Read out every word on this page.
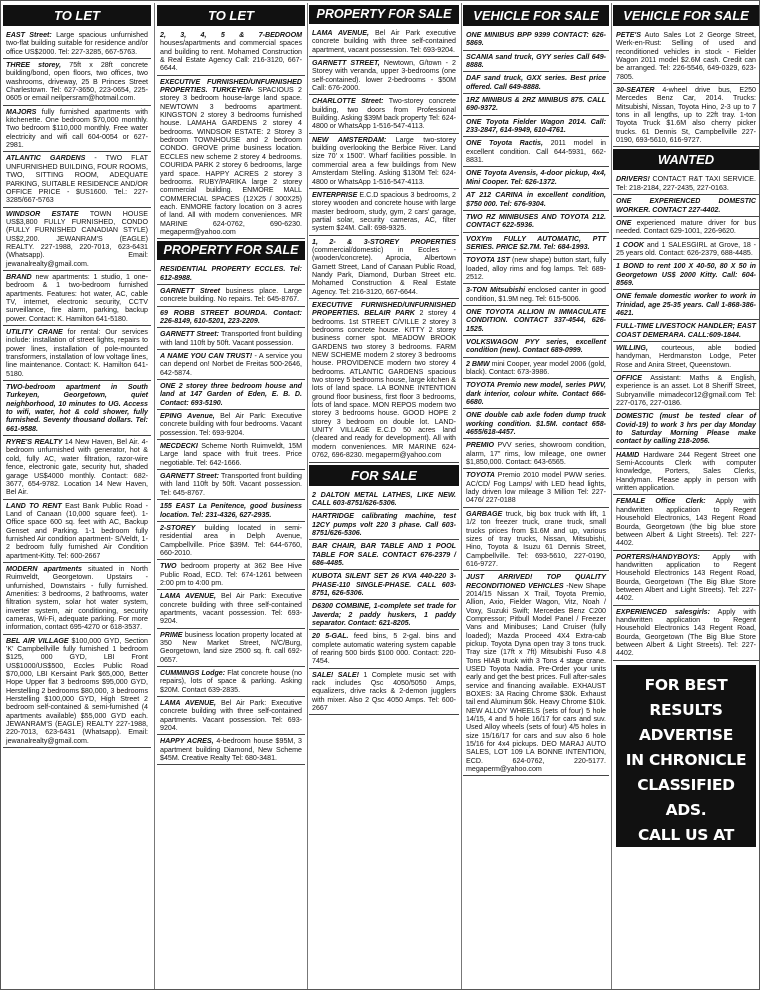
TO LET
EAST Street: Large spacious unfurnished two-flat building suitable for residence and/or office US$2000. Tel: 227-3285, 667-5763.
THREE storey, 75ft x 28ft concrete building/bond, open floors, two offices, two washrooms, driveway, 25 B Princes Street Charlestown. Tel: 627-3650, 223-0654, 225-0605 or email neilpersram@hotmail.com.
MAJORS fully furnished apartments with kitchenette. One bedroom $70,000 monthly. Two bedroom $110,000 monthly. Free water electricity and wifi call 604-0054 or 627-2981.
ATLANTIC GARDENS - TWO FLAT UNFURNISHED BUILDING, FOUR ROOMS, TWO, SITTING ROOM, ADEQUATE PARKING, SUITABLE RESIDENCE AND/OR OFFICE PRICE - $US1600. Tel.: 227-3285/667-5763
WINDSOR ESTATE TOWN HOUSE US$3,800 FULLY FURNISHED, CONDO (FULLY FURNISHED CANADIAN STYLE) US$2,200. JEWANRAM'S (EAGLE) REALTY. 227-1988, 220-7013, 623-6431 (Whatsapp). Email: jewanalrealty@gmail.com.
BRAND new apartments: 1 studio, 1 one-bedroom & 1 two-bedroom furnished apartments. Features: hot water, AC, cable TV, internet, electronic security, CCTV surveillance, fire alarm, parking, backup power. Contact: K. Hamilton 641-5180.
UTILITY CRANE for rental: Our services include: installation of street lights, repairs to power lines, installation of pole-mounted transformers, installation of low voltage lines, line maintenance. Contact: K. Hamilton 641-5180.
TWO-bedroom apartment in South Turkeyen, Georgetown, quiet neighborhood, 10 minutes to UG. Access to wifi, water, hot & cold shower, fully furnished. Seventy thousand dollars. Tel: 661-9588.
RYRE'S REALTY 14 New Haven, Bel Air. 4-bedroom unfurnished with generator, hot & cold, fully AC, water filtration, razor-wire fence, electronic gate, security hut, shaded garage US$4000 monthly. Contact: 682-3677, 654-9782. Location 14 New Haven, Bel Air.
LAND TO RENT East Bank Public Road -Land of Canaan (10,000 square feet). 1- Office space 600 sq. feet with AC, Backup Genset and Parking. 1-1 bedroom fully furnished Air condition apartment- S/Veldt, 1-2 bedroom fully furnished Air Condition apartment-Kitty. Tel: 600-2667
MODERN apartments situated in North Ruimveldt, Georgetown. Upstairs - unfurnished, Downstairs - fully furnished. Amenities: 3 bedrooms, 2 bathrooms, water filtration system, solar hot water system, inverter system, air conditioning, security cameras, Wi-Fi, adequate parking. For more information, contact 695-4270 or 618-3537.
BEL AIR VILLAGE $100,000 GYD, Section 'K' Campbellville fully furnished 1 bedroom $125, 000 GYD, LBI Front US$1000/US$500, Eccles Public Road $70,000, LBI Kersaint Park $65,000, Better Hope Upper flat 3 bedrooms $95,000 GYD, Herstelling 2 bedrooms $80,000, 3 bedrooms Herstelling $100,000 GYD, High Street 2 bedroom self-contained & semi-furnished (4 apartments available) $55,000 GYD each. JEWANRAM'S (EAGLE) REALTY 227-1988, 220-7013, 623-6431 (Whatsapp). Email: jewanalrealty@gmail.com.
TO LET
2, 3, 4, 5 & 7-BEDROOM houses/apartments and commercial spaces and building to rent. Mohamed Construction & Real Estate Agency Call: 216-3120, 667-6644.
EXECUTIVE FURNISHED/UNFURNISHED PROPERTIES. TURKEYEN- SPACIOUS 2 storey 3 bedroom house-large land space. NEWTOWN 3 bedrooms apartment. KINGSTON 2 storey 3 bedrooms furnished house. LAMAHA GARDENS 2 storey 4 bedrooms. WINDSOR ESTATE: 2 Storey 3 bedroom TOWNHOUSE and 2 bedroom CONDO. GROVE prime business location. ECCLES new scheme 2 storey 4 bedrooms. COURIDA PARK 2 storey 6 bedrooms, large yard space. HAPPY ACRES 2 storey 3 bedrooms. RUBY/PARIKA large 2 storey commercial building. ENMORE MALL COMMERCIAL SPACES (12X25 / 300X25) each. ENMORE factory location on 3 acres of land. All with modern conveniences. MR MARINE 624-0762, 690-6230. megaperm@yahoo.com
PROPERTY FOR SALE
RESIDENTIAL PROPERTY ECCLES. Tel: 612-8988.
GARNETT Street business place. Large concrete building. No repairs. Tel: 645-8767.
69 ROBB STREET BOURDA. Contact: 226-8149, 610-5201, 223-2209.
GARNETT Street: Transported front building with land 110ft by 50ft. Vacant possession.
A NAME YOU CAN TRUST! - A service you can depend on! Norbet de Freitas 500-2646, 642-5874.
ONE 2 storey three bedroom house and land at 147 Garden of Eden, E. B. D. Contact: 693-5190.
EPING Avenue, Bel Air Park: Executive concrete building with four bedrooms. Vacant possession. Tel: 693-9204.
MECDECKI Scheme North Ruimveldt, 15M Large land space with fruit trees. Price negotiable. Tel: 642-1666.
GARNETT Street: Transported front building with land 110ft by 50ft. Vacant possession. Tel: 645-8767.
155 EAST La Penitence, good business location. Tel: 231-4326, 627-2935.
2-STOREY building located in semi-residential area in Delph Avenue, Campbellville. Price $39M. Tel: 644-6760, 660-2010.
TWO bedroom property at 362 Bee Hive Public Road, ECD. Tel: 674-1261 between 2:00 pm to 4:00 pm.
LAMA AVENUE, Bel Air Park: Executive concrete building with three self-contained apartments, vacant possession. Tel: 693-9204.
PRIME business location property located at 350 New Market Street, N/C/Burg, Georgetown, land size 2500 sq. ft. call 692-0657.
CUMMINGS Lodge: Flat concrete house (no repairs), lots of space & parking. Asking $20M. Contact 639-2835.
LAMA AVENUE, Bel Air Park: Executive concrete building with three self-contained apartments. Vacant possession. Tel: 693-9204.
HAPPY ACRES, 4-bedroom house $95M, 3 apartment building Diamond, New Scheme $45M. Creative Realty Tel: 680-3481.
PROPERTY FOR SALE
LAMA AVENUE, Bel Air Park executive concrete building with three self-contained apartment, vacant possession. Tel: 693-9204.
GARNETT STREET, Newtown, G/town - 2 Storey with veranda, upper 3-bedrooms (one self-contained). lower 2-bedrooms - $50M Call: 676-2000.
CHARLOTTE Street: Two-storey concrete building, two doors from Professional Building. Asking $39M back property Tel: 624-4800 or WhatsApp 1-516-547-4113.
NEW AMSTERDAM: Large two-storey building overlooking the Berbice River. Land size 70' x 1500'. Wharf facilities possible. In commercial area a few buildings from New Amsterdam Stelling. Asking $130M Tel: 624-4800 or WhatsApp 1-516-547-4113.
ENTERPRISE E.C.D spacious 3 bedrooms, 2 storey wooden and concrete house with large master bedroom, study, gym, 2 cars' garage, partial solar, security cameras, AC, filter system $24M. Call: 698-9325.
1, 2- & 3-STOREY PROPERTIES (commercial/domestic) in Eccles - (wooden/concrete). Aprocia, Albertown Garnett Street, Land of Canaan Public Road, Nandy Park, Diamond, Durban Street etc. Mohamed Construction & Real Estate Agency. Tel: 216-3120, 667-6644.
EXECUTIVE FURNISHED/UNFURNISHED PROPERTIES. BELAIR PARK 2 storey 4 bedrooms. 1st STREET C/VILLE 2 storey 3 bedrooms concrete house. KITTY 2 storey business corner spot. MEADOW BROOK GARDENS two storey 3 bedrooms. FARM NEW SCHEME modern 2 storey 3 bedrooms house. PROVIDENCE modern two storey 4 bedrooms. ATLANTIC GARDENS spacious two storey 5 bedrooms house, large kitchen & lots of land space. LA BONNE INTENTION ground floor business, first floor 3 bedrooms, lots of land space. MON REPOS modern two storey 3 bedrooms house. GOOD HOPE 2 storey 3 bedroom on double lot. LAND-UNITY VILLAGE E.C.D 50 acres land (cleared and ready for development). All with modern conveniences. MR MARINE 624-0762, 696-8230. megaperm@yahoo.com
FOR SALE
2 DALTON METAL LATHES, LIKE NEW. CALL 603-8751/626-5306.
HARTRIDGE calibrating machine, test 12CY pumps volt 220 3 phase. Call 603-8751/626-5306.
BAR CHAIR, BAR TABLE AND 1 POOL TABLE FOR SALE. CONTACT 676-2379 / 686-4485.
KUBOTA SILENT SET 26 KVA 440-220 3-PHASE-110 SINGLE-PHASE. CALL 603-8751, 626-5306.
D6300 COMBINE, 1-complete set trade for Javerda; 2 paddy huskers, 1 paddy separator. Contact: 621-8205.
20 5-GAL. feed bins, 5 2-gal. bins and complete automatic watering system capable of rearing 500 birds $100 000. Contact: 220-7454.
SALE! SALE! 1 Complete music set with rack includes Qsc 4050/5050 Amps, equalizers, drive racks & 2-demon jugglers with mixer. Also 2 Qsc 4050 Amps. Tel: 600-2667
VEHICLE FOR SALE
ONE MINIBUS BPP 9399 CONTACT: 626-5869.
SCANIA sand truck, GYY series Call 649-8888.
DAF sand truck, GXX series. Best price offered. Call 649-8888.
1RZ MINIBUS & 2RZ MINIBUS 875. CALL 690-9372.
ONE Toyota Fielder Wagon 2014. Call: 233-2847, 614-9949, 610-4761.
ONE Toyota Ractis, 2011 model in excellent condition. Call 644-5931, 662-8831.
ONE Toyota Avensis, 4-door pickup, 4x4, Mini Cooper. Tel: 626-1372.
AT 212 CARINA in excellent condition, $750 000. Tel: 676-9304.
TWO RZ MINIBUSES AND TOYOTA 212. CONTACT 622-5936.
VOXYm FULLY AUTOMATIC, PTT SERIES. PRICE $2.7M. Tel: 684-1993.
TOYOTA 1ST (new shape) button start, fully loaded, alloy rims and fog lamps. Tel: 689-2512.
3-TON Mitsubishi enclosed canter in good condition, $1.9M neg. Tel: 615-5006.
ONE TOYOTA ALLION IN IMMACULATE CONDITION. CONTACT 337-4544, 626-1525.
VOLKSWAGON PYY series, excellent condition (new). Contact 689-0999.
2 BMW mini Cooper, year model 2006 (gold, black). Contact: 673-3986.
TOYOTA Premio new model, series PWV, dark interior, colour white. Contact 666-6680.
ONE double cab axle foden dump truck working condition. $1.5M. contact 658-4655/618-4457.
PREMIO PVV series, showroom condition, alarm, 17" rims, low mileage, one owner $1,850,000. Contact: 643-6565.
TOYOTA Premio 2010 model PWW series. AC/CD/ Fog Lamps/ with LED head lights, lady driven low mileage 3 Million Tel: 227-0476/ 227-0188
GARBAGE truck, big box truck with lift, 1 1/2 ton freezer truck, crane truck, small trucks prices from $1.6M and up, various sizes of tray trucks, Nissan, Mitsubishi, Hino, Toyota & Isuzu 61 Dennis Street, Campbellville. Tel: 693-5610, 227-0190, 616-9727.
JUST ARRIVED! TOP QUALITY RECONDITIONED VEHICLES -New Shape 2014/15 Nissan X Trail, Toyota Premio, Allion, Axio, Fielder Wagon, Vitz, Noah / Voxy, Suzuki Swift; Mercedes Benz C200 Compressor; Pitbull Model Panel / Freezer Vans and Minibuses; Land Cruiser (fully loaded); Mazda Proceed 4X4 Extra-cab pickup. Toyota Dyna open tray 3 tons truck. Tray size (17ft x 7ft) Mitsubishi Fuso 4.8 Tons HIAB truck with 3 Tons 4 stage crane. USED Toyota Nadia. Pre-Order your units early and get the best prices. Full after-sales service and financing available. EXHAUST BOXES: 3A Racing Chrome $30k. Exhaust tail end Aluminum $6k. Heavy Chrome $10k. NEW ALLOY WHEELS (sets of four) 5 hole 14/15, 4 and 5 hole 16/17 for cars and suv. Used Alloy wheels (sets of four) 4/5 holes in size 15/16/17 for cars and suv also 6 hole 15/16 for 4x4 pickups. DEO MARAJ AUTO SALES, LOT 109 LA BONNE INTENTION, ECD. 624-0762, 220-5177. megaperm@yahoo.com
VEHICLE FOR SALE
PETE'S Auto Sales Lot 2 George Street, Werk-en-Rust: Selling of used and reconditioned vehicles in stock - Fielder Wagon 2011 model $2.6M cash. Credit can be arranged. Tel: 226-5546, 649-0329, 623-7805.
30-SEATER 4-wheel drive bus, E250 Mercedes Benz Car, 2014. Trucks: Mitsubishi, Nissan, Toyota Hino, 2-3 up to 7 tons in all lengths, up to 22ft tray. 1-ton Toyota Truck $1.6M also cherry picker trucks. 61 Dennis St, Campbellville 227-0190, 693-5610, 616-9727.
WANTED
DRIVERS! CONTACT R&T TAXI SERVICE. Tel: 218-2184, 227-2435, 227-0163.
ONE EXPERIENCED DOMESTIC WORKER. CONTACT 227-4402.
ONE experienced mature driver for bus needed. Contact 629-1001, 226-9620.
1 COOK and 1 SALESGIRL at Grove, 18 - 25 years old. Contact: 626-2379, 688-4485.
1 BOND to rent 100 X 40-50, 80 X 50 in Georgetown US$ 2000 Kitty. Call: 604-8569.
ONE female domestic worker to work in Trinidad, age 25-35 years. Call 1-868-386-4621.
FULL-TIME LIVESTOCK HANDLER; EAST COAST DEMERARA. CALL:609-1844.
WILLING, courteous, able bodied handyman, Herdmanston Lodge, Peter Rose and Anira Street, Queenstown.
OFFICE Assistant: Maths & English, experience is an asset. Lot 8 Sheriff Street, Subryanville mimadecor12@gmail.com Tel: 227-0176, 227-0186.
DOMESTIC (must be tested clear of Covid-19) to work 3 hrs per day Monday to Saturday Morning Please make contact by calling 218-2056.
HAMID Hardware 244 Regent Street one Semi-Accounts Clerk with computer knowledge, Porters, Sales Clerks, Handyman. Please apply in person with written application.
FEMALE Office Clerk: Apply with handwritten application to Regent Household Electronics, 143 Regent Road Bourda, Georgetown (the big blue store between Albert & Light Streets). Tel: 227-4402.
PORTERS/HANDYBOYS: Apply with handwritten application to Regent Household Electronics 143 Regent Road, Bourda, Georgetown (The Big Blue Store between Albert and Light Streets). Tel: 227-4402.
EXPERIENCED salesgirls: Apply with handwritten application to Regent Household Electronics 143 Regent Road, Bourda, Georgetown (The Big Blue Store between Albert & Light Streets). Tel: 227-4402.
FOR BEST RESULTS
ADVERTISE
IN CHRONICLE
CLASSIFIED ADS.
CALL US AT
225-4475/
226-3243-9
